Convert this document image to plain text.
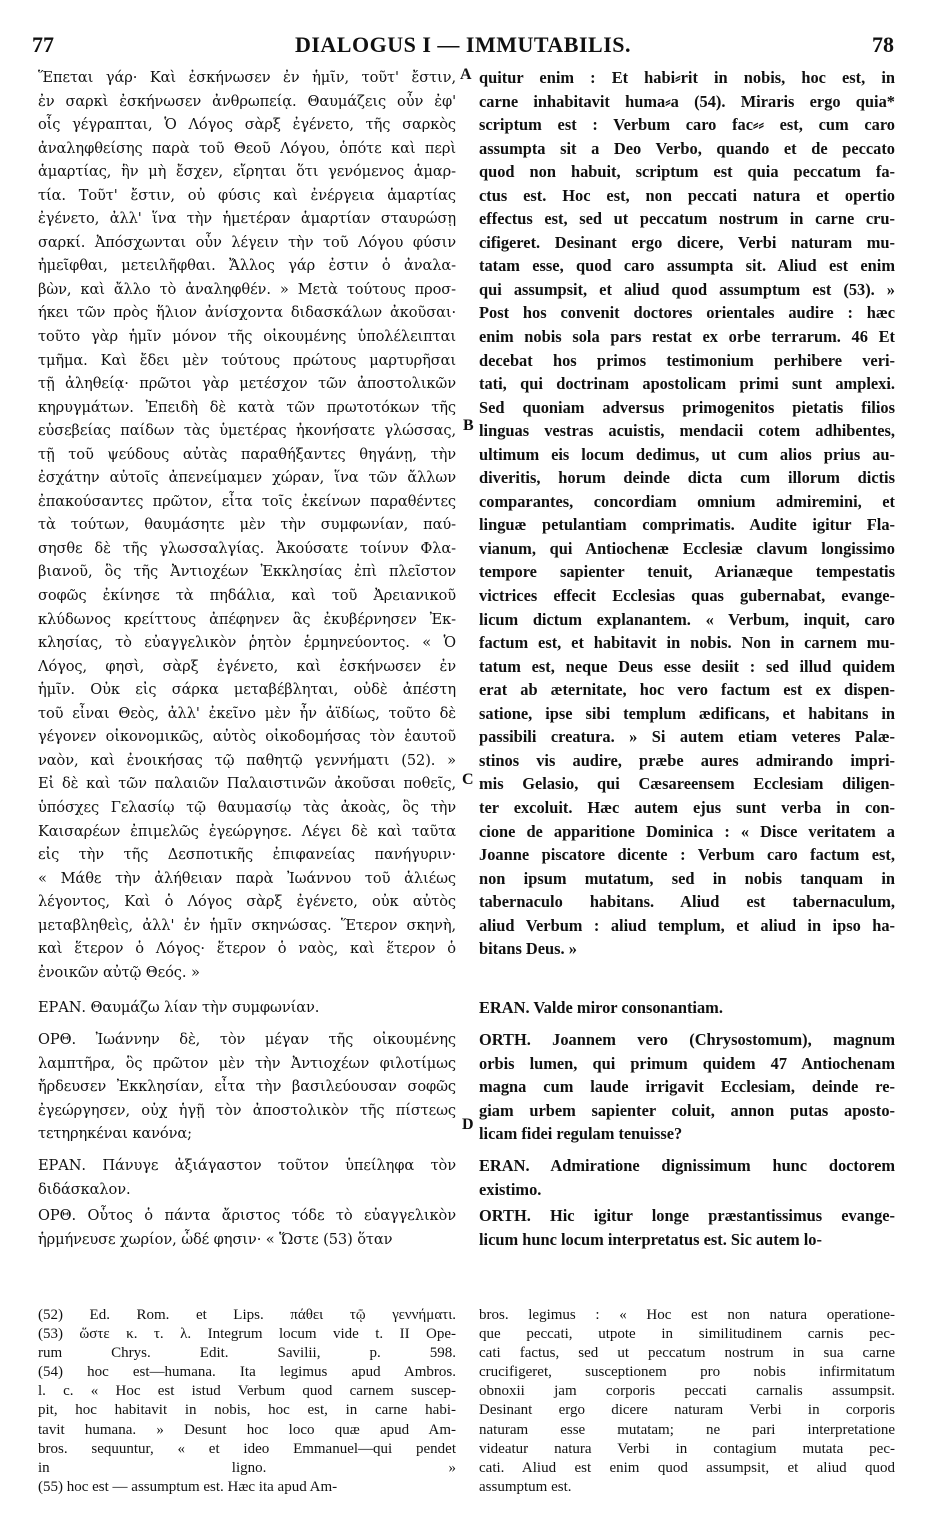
77	DIALOGUS I — IMMUTABILIS.	78

Ἕπεται γάρ· Καὶ ἐσκήνωσεν ἐν ἡμῖν, τοῦτ' ἔστιν,

ἐν σαρκὶ ἐσκήνωσεν ἀνθρωπείᾳ. Θαυμάζεις οὖν ἐφ'

οἷς γέγραπται, Ὁ Λόγος σὰρξ ἐγένετο, τῆς σαρκὸς

ἀναληφθείσης παρὰ τοῦ Θεοῦ Λόγου, ὁπότε καὶ περὶ

ἁμαρτίας, ἣν μὴ ἔσχεν, εἴρηται ὅτι γενόμενος ἁμαρ-

τία. Τοῦτ' ἔστιν, οὐ φύσις καὶ ἐνέργεια ἁμαρτίας

ἐγένετο, ἀλλ' ἵνα τὴν ἡμετέραν ἁμαρτίαν σταυρώσῃ

σαρκί. Ἀπόσχωνται οὖν λέγειν τὴν τοῦ Λόγου φύσιν

ἠμεῖφθαι, μετειλῆφθαι. Ἄλλος γάρ ἐστιν ὁ ἀναλα-

βὼν, καὶ ἄλλο τὸ ἀναληφθέν. » Μετὰ τούτους προσ-

ήκει τῶν πρὸς ἥλιον ἀνίσχοντα διδασκάλων ἀκοῦσαι·

τοῦτο γὰρ ἡμῖν μόνον τῆς οἰκουμένης ὑπολέλειπται

τμῆμα. Καὶ ἔδει μὲν τούτους πρώτους μαρτυρῆσαι

τῇ ἀληθείᾳ· πρῶτοι γὰρ μετέσχον τῶν ἀποστολικῶν

κηρυγμάτων. Ἐπειδὴ δὲ κατὰ τῶν πρωτοτόκων τῆς

εὐσεβείας παίδων τὰς ὑμετέρας ἠκονήσατε γλώσσας,

τῇ τοῦ ψεύδους αὐτὰς παραθήξαντες θηγάνῃ, τὴν

ἐσχάτην αὐτοῖς ἀπενείμαμεν χώραν, ἵνα τῶν ἄλλων

ἐπακούσαντες πρῶτον, εἶτα τοῖς ἐκείνων παραθέντες

τὰ τούτων, θαυμάσητε μὲν τὴν συμφωνίαν, παύ-

σησθε δὲ τῆς γλωσσαλγίας. Ἀκούσατε τοίνυν Φλα-

βιανοῦ, ὃς τῆς Ἀντιοχέων Ἐκκλησίας ἐπὶ πλεῖστον

σοφῶς ἐκίνησε τὰ πηδάλια, καὶ τοῦ Ἀρειανικοῦ

κλύδωνος κρείττους ἀπέφηνεν ἃς ἐκυβέρνησεν Ἐκ-

κλησίας, τὸ εὐαγγελικὸν ῥητὸν ἑρμηνεύοντος. « Ὁ

Λόγος, φησὶ, σὰρξ ἐγένετο, καὶ ἐσκήνωσεν ἐν

ἡμῖν. Οὐκ εἰς σάρκα μεταβέβληται, οὐδὲ ἀπέστη

τοῦ εἶναι Θεὸς, ἀλλ' ἐκεῖνο μὲν ἦν ἀϊδίως, τοῦτο δὲ

γέγονεν οἰκονομικῶς, αὐτὸς οἰκοδομήσας τὸν ἑαυτοῦ

ναὸν, καὶ ἐνοικήσας τῷ παθητῷ γεννήματι (52). »

Εἰ δὲ καὶ τῶν παλαιῶν Παλαιστινῶν ἀκοῦσαι ποθεῖς,

ὑπόσχες Γελασίῳ τῷ θαυμασίῳ τὰς ἀκοὰς, ὃς τὴν

Καισαρέων ἐπιμελῶς ἐγεώργησε. Λέγει δὲ καὶ ταῦτα

εἰς τὴν τῆς Δεσποτικῆς ἐπιφανείας πανήγυριν·

« Μάθε τὴν ἀλήθειαν παρὰ Ἰωάννου τοῦ ἁλιέως

λέγοντος, Καὶ ὁ Λόγος σὰρξ ἐγένετο, οὐκ αὐτὸς

μεταβληθεὶς, ἀλλ' ἐν ἡμῖν σκηνώσας. Ἕτερον σκηνὴ,

καὶ ἕτερον ὁ Λόγος· ἕτερον ὁ ναὸς, καὶ ἕτερον ὁ

ἐνοικῶν αὐτῷ Θεός. »

quitur enim : Et habi⸗rit in nobis, hoc est, in

carne inhabitavit huma⸗a (54). Miraris ergo quia*

scriptum est : Verbum caro fac⸗⸗ est, cum caro

assumpta sit a Deo Verbo, quando et de peccato

quod non habuit, scriptum est quia peccatum fa-

ctus est. Hoc est, non peccati natura et opertio

effectus est, sed ut peccatum nostrum in carne cru-

cifigeret. Desinant ergo dicere, Verbi naturam mu-

tatam esse, quod caro assumpta sit. Aliud est enim

qui assumpsit, et aliud quod assumptum est (53). »

Post hos convenit doctores orientales audire : hæc

enim nobis sola pars restat ex orbe terrarum. 46 Et

decebat hos primos testimonium perhibere veri-

tati, qui doctrinam apostolicam primi sunt amplexi.

Sed quoniam adversus primogenitos pietatis filios

linguas vestras acuistis, mendacii cotem adhibentes,

ultimum eis locum dedimus, ut cum alios prius au-

diveritis, horum deinde dicta cum illorum dictis

comparantes, concordiam omnium admiremini, et

linguæ petulantiam comprimatis. Audite igitur Fla-

vianum, qui Antiochenæ Ecclesiæ clavum longissimo

tempore sapienter tenuit, Arianæque tempestatis

victrices effecit Ecclesias quas gubernabat, evange-

licum dictum explanantem. « Verbum, inquit, caro

factum est, et habitavit in nobis. Non in carnem mu-

tatum est, neque Deus esse desiit : sed illud quidem

erat ab æternitate, hoc vero factum est ex dispen-

satione, ipse sibi templum ædificans, et habitans in

passibili creatura. » Si autem etiam veteres Palæ-

stinos vis audire, præbe aures admirando impri-

mis Gelasio, qui Cæsareensem Ecclesiam diligen-

ter excoluit. Hæc autem ejus sunt verba in con-

cione de apparitione Dominica : « Disce veritatem a

Joanne piscatore dicente : Verbum caro factum est,

non ipsum mutatum, sed in nobis tanquam in

tabernaculo habitans. Aliud est tabernaculum,

aliud Verbum : aliud templum, et aliud in ipso ha-

bitans Deus. »

A
B
C
D

ΕΡΑΝ. Θαυμάζω λίαν τὴν συμφωνίαν.	ERAN. Valde miror consonantiam.

ΟΡΘ. Ἰωάννην δὲ, τὸν μέγαν τῆς οἰκουμένης

λαμπτῆρα, ὃς πρῶτον μὲν τὴν Ἀντιοχέων φιλοτίμως

ἤρδευσεν Ἐκκλησίαν, εἶτα τὴν βασιλεύουσαν σοφῶς

ἐγεώργησεν, οὐχ ἡγῇ τὸν ἀποστολικὸν τῆς πίστεως

τετηρηκέναι κανόνα;

ORTH. Joannem vero (Chrysostomum), magnum

orbis lumen, qui primum quidem 47 Antiochenam

magna cum laude irrigavit Ecclesiam, deinde re-

giam urbem sapienter coluit, annon putas aposto-

licam fidei regulam tenuisse?

ΕΡΑΝ. Πάνυγε ἀξιάγαστον τοῦτον ὑπείληφα τὸν

διδάσκαλον.

ERAN. Admiratione dignissimum hunc doctorem

existimo.

ΟΡΘ. Οὗτος ὁ πάντα ἄριστος τόδε τὸ εὐαγγελικὸν

ἡρμήνευσε χωρίον, ὧδέ φησιν· « Ὥστε (53) ὅταν

ORTH. Hic igitur longe præstantissimus evange-

licum hunc locum interpretatus est. Sic autem lo-

(52) Ed. Rom. et Lips. πάθει τῷ γεννήματι.

(53) ὥστε κ. τ. λ. Integrum locum vide t. II Ope-

rum Chrys. Edit. Savilii, p. 598.

(54) hoc est—humana. Ita legimus apud Ambros.

l. c. « Hoc est istud Verbum quod carnem suscep-

pit, hoc habitavit in nobis, hoc est, in carne habi-

tavit humana. » Desunt hoc loco quæ apud Am-

bros. sequuntur, « et ideo Emmanuel—qui pendet

in ligno. »

(55) hoc est — assumptum est. Hæc ita apud Am-

bros. legimus : « Hoc est non natura operatione-

que peccati, utpote in similitudinem carnis pec-

cati factus, sed ut peccatum nostrum in sua carne

crucifigeret, susceptionem pro nobis infirmitatum

obnoxii jam corporis peccati carnalis assumpsit.

Desinant ergo dicere naturam Verbi in corporis

naturam esse mutatam; ne pari interpretatione

videatur natura Verbi in contagium mutata pec-

cati. Aliud est enim quod assumpsit, et aliud quod

assumptum est.
